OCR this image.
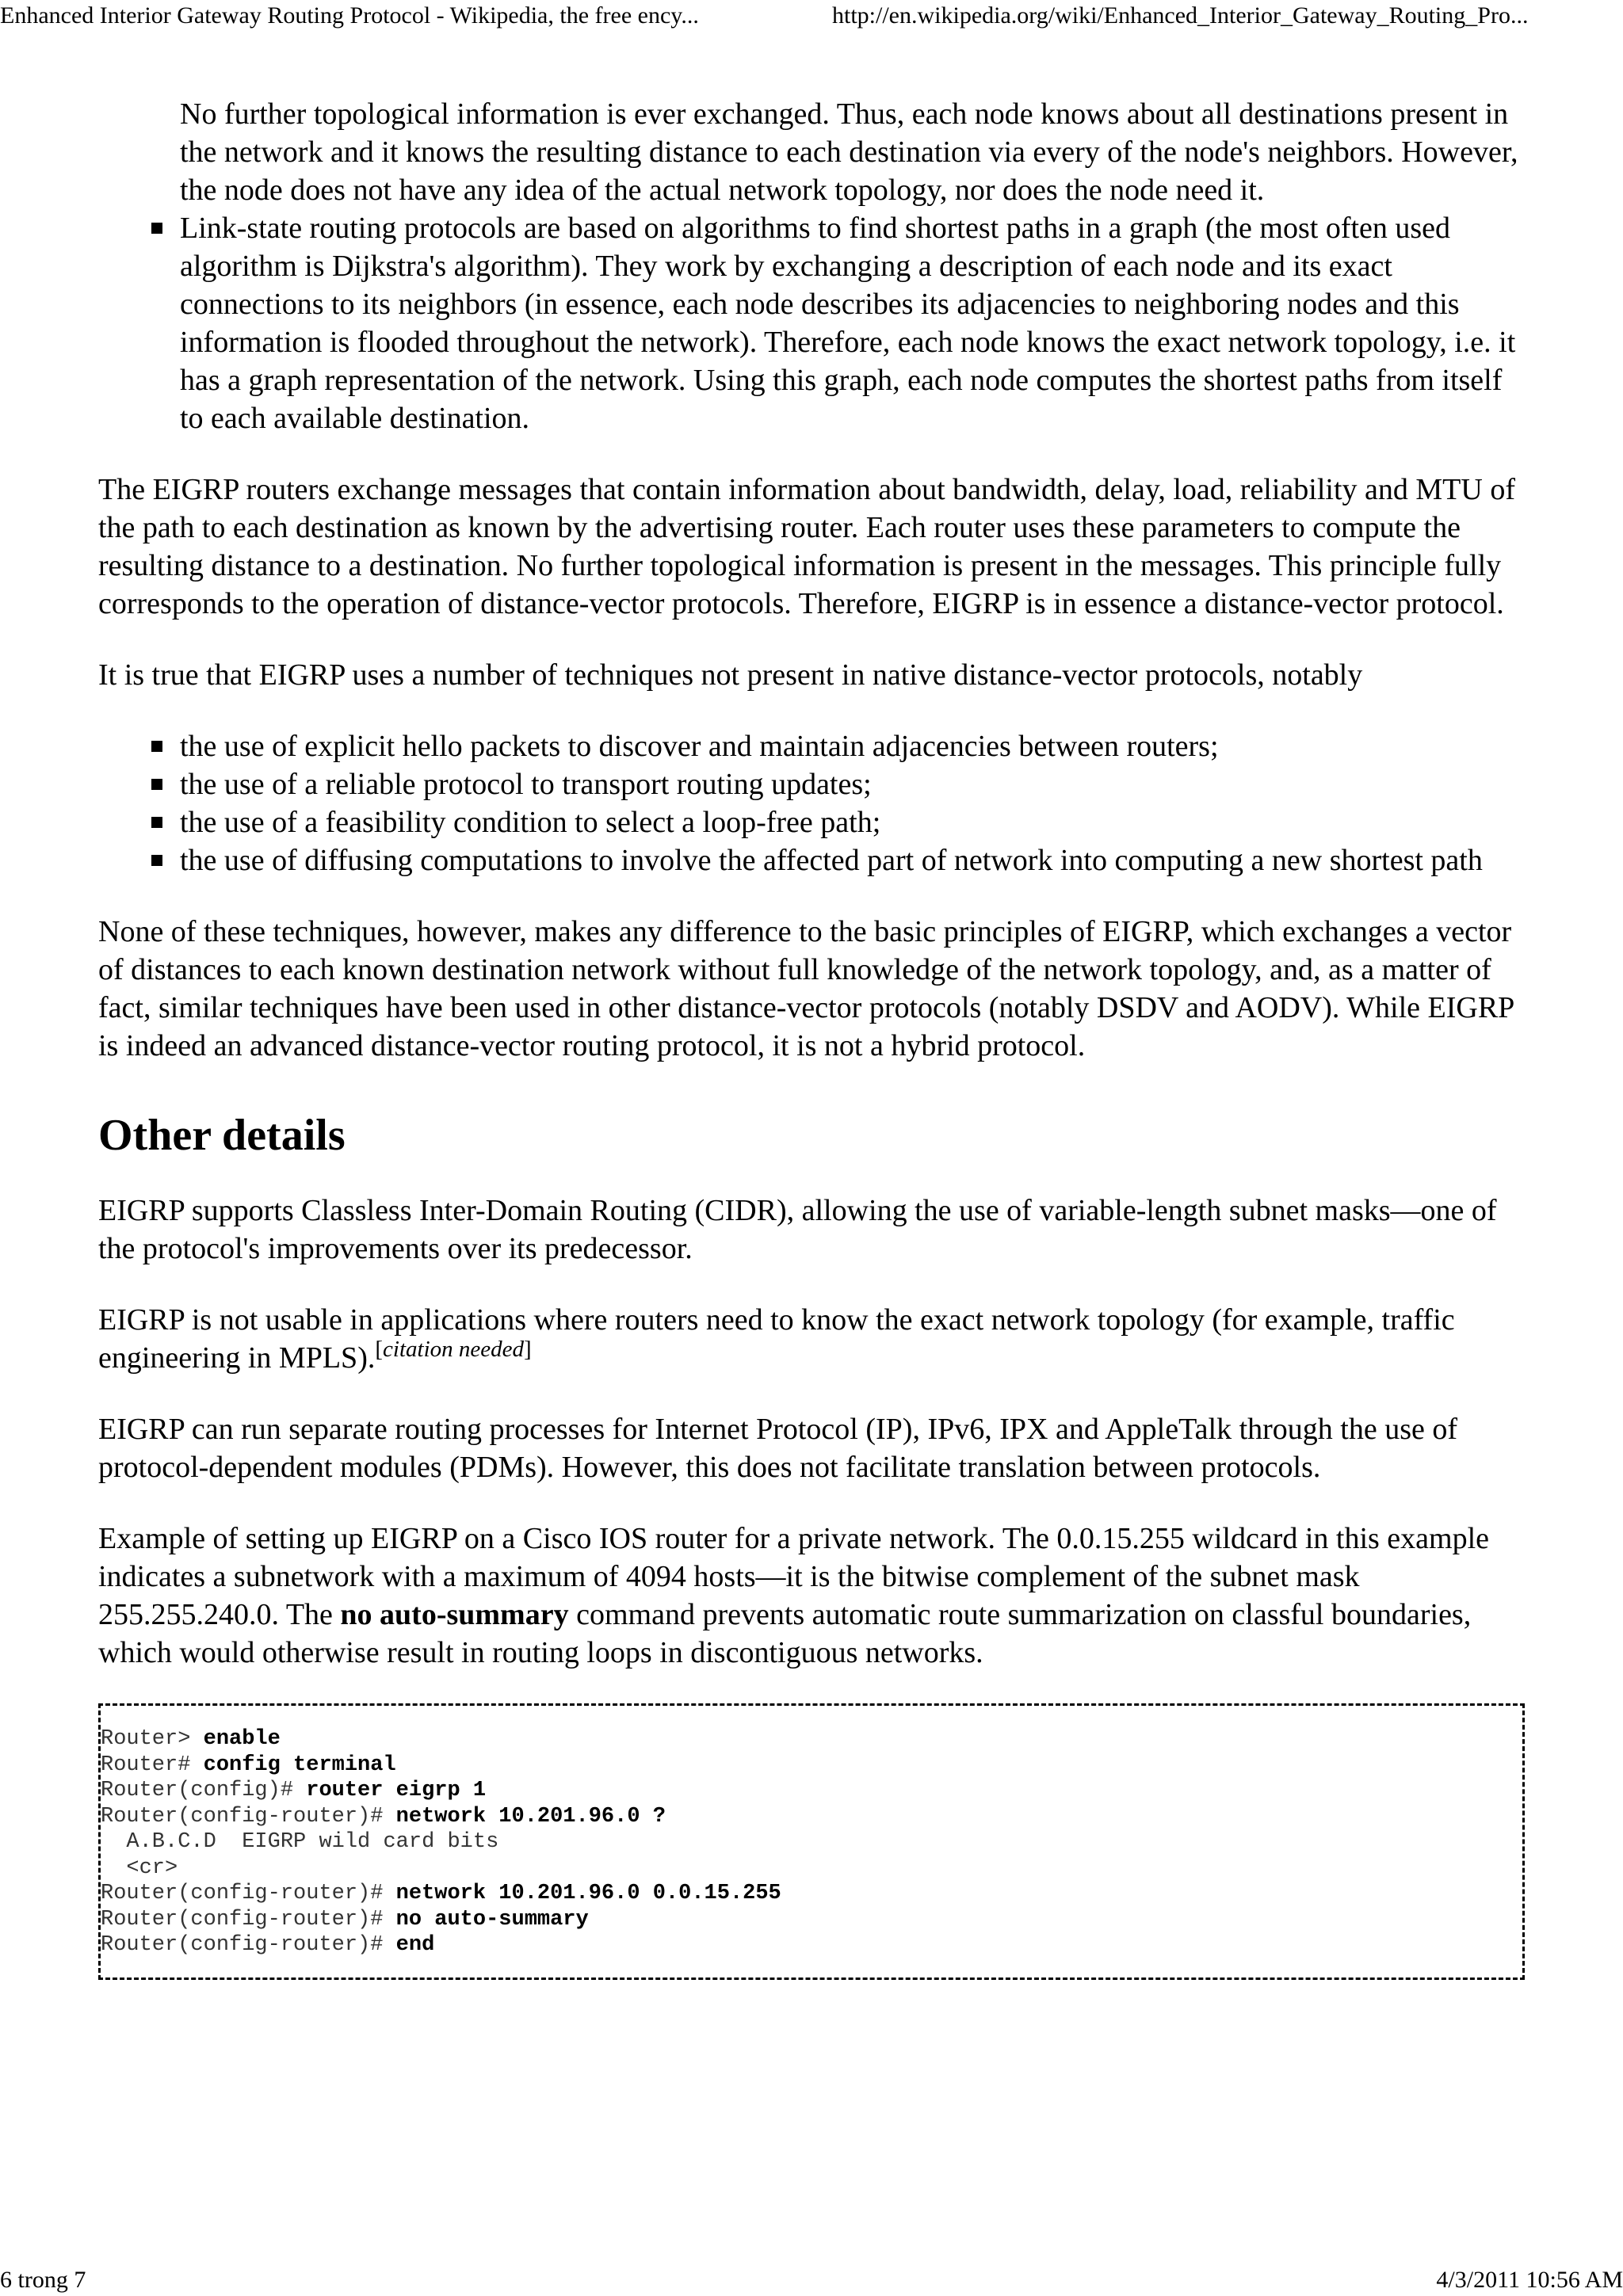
Enhanced Interior Gateway Routing Protocol - Wikipedia, the free ency...	http://en.wikipedia.org/wiki/Enhanced_Interior_Gateway_Routing_Pro...

No further topological information is ever exchanged. Thus, each node knows about all destinations present in the network and it knows the resulting distance to each destination via every of the node's neighbors. However, the node does not have any idea of the actual network topology, nor does the node need it.

Link-state routing protocols are based on algorithms to find shortest paths in a graph (the most often used algorithm is Dijkstra's algorithm). They work by exchanging a description of each node and its exact connections to its neighbors (in essence, each node describes its adjacencies to neighboring nodes and this information is flooded throughout the network). Therefore, each node knows the exact network topology, i.e. it has a graph representation of the network. Using this graph, each node computes the shortest paths from itself to each available destination.

The EIGRP routers exchange messages that contain information about bandwidth, delay, load, reliability and MTU of the path to each destination as known by the advertising router. Each router uses these parameters to compute the resulting distance to a destination. No further topological information is present in the messages. This principle fully corresponds to the operation of distance-vector protocols. Therefore, EIGRP is in essence a distance-vector protocol.

It is true that EIGRP uses a number of techniques not present in native distance-vector protocols, notably

the use of explicit hello packets to discover and maintain adjacencies between routers;
the use of a reliable protocol to transport routing updates;
the use of a feasibility condition to select a loop-free path;
the use of diffusing computations to involve the affected part of network into computing a new shortest path

None of these techniques, however, makes any difference to the basic principles of EIGRP, which exchanges a vector of distances to each known destination network without full knowledge of the network topology, and, as a matter of fact, similar techniques have been used in other distance-vector protocols (notably DSDV and AODV). While EIGRP is indeed an advanced distance-vector routing protocol, it is not a hybrid protocol.

Other details

EIGRP supports Classless Inter-Domain Routing (CIDR), allowing the use of variable-length subnet masks—one of the protocol's improvements over its predecessor.

EIGRP is not usable in applications where routers need to know the exact network topology (for example, traffic engineering in MPLS).[citation needed]

EIGRP can run separate routing processes for Internet Protocol (IP), IPv6, IPX and AppleTalk through the use of protocol-dependent modules (PDMs). However, this does not facilitate translation between protocols.

Example of setting up EIGRP on a Cisco IOS router for a private network. The 0.0.15.255 wildcard in this example indicates a subnetwork with a maximum of 4094 hosts—it is the bitwise complement of the subnet mask 255.255.240.0. The no auto-summary command prevents automatic route summarization on classful boundaries, which would otherwise result in routing loops in discontiguous networks.

Router> enable
Router# config terminal
Router(config)# router eigrp 1
Router(config-router)# network 10.201.96.0 ?
A.B.C.D  EIGRP wild card bits
<cr>
Router(config-router)# network 10.201.96.0 0.0.15.255
Router(config-router)# no auto-summary
Router(config-router)# end
6 trong 7	4/3/2011 10:56 AM
